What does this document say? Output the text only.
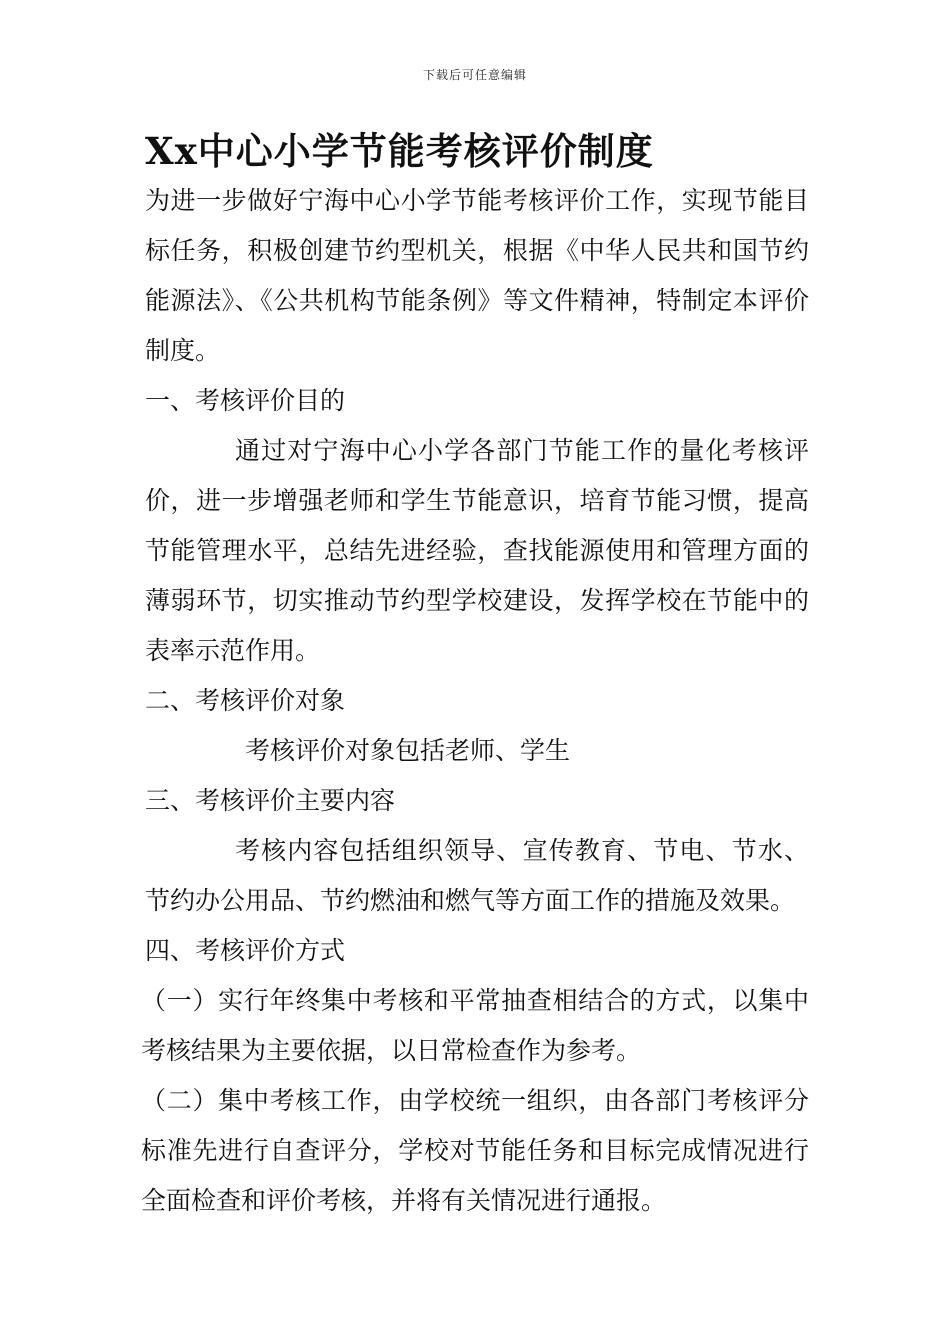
下载后可任意编辑
Xx中心小学节能考核评价制度

为进一步做好宁海中心小学节能考核评价工作，实现节能目标任务，积极创建节约型机关，根据《中华人民共和国节约能源法》、《公共机构节能条例》等文件精神，特制定本评价制度。

一、考核评价目的

通过对宁海中心小学各部门节能工作的量化考核评价，进一步增强老师和学生节能意识，培育节能习惯，提高节能管理水平，总结先进经验，查找能源使用和管理方面的薄弱环节，切实推动节约型学校建设，发挥学校在节能中的表率示范作用。

二、考核评价对象

考核评价对象包括老师、学生

三、考核评价主要内容

考核内容包括组织领导、宣传教育、节电、节水、节约办公用品、节约燃油和燃气等方面工作的措施及效果。

四、考核评价方式

（一）实行年终集中考核和平常抽查相结合的方式，以集中考核结果为主要依据，以日常检查作为参考。

（二）集中考核工作，由学校统一组织，由各部门考核评分标准先进行自查评分，学校对节能任务和目标完成情况进行全面检查和评价考核，并将有关情况进行通报。
